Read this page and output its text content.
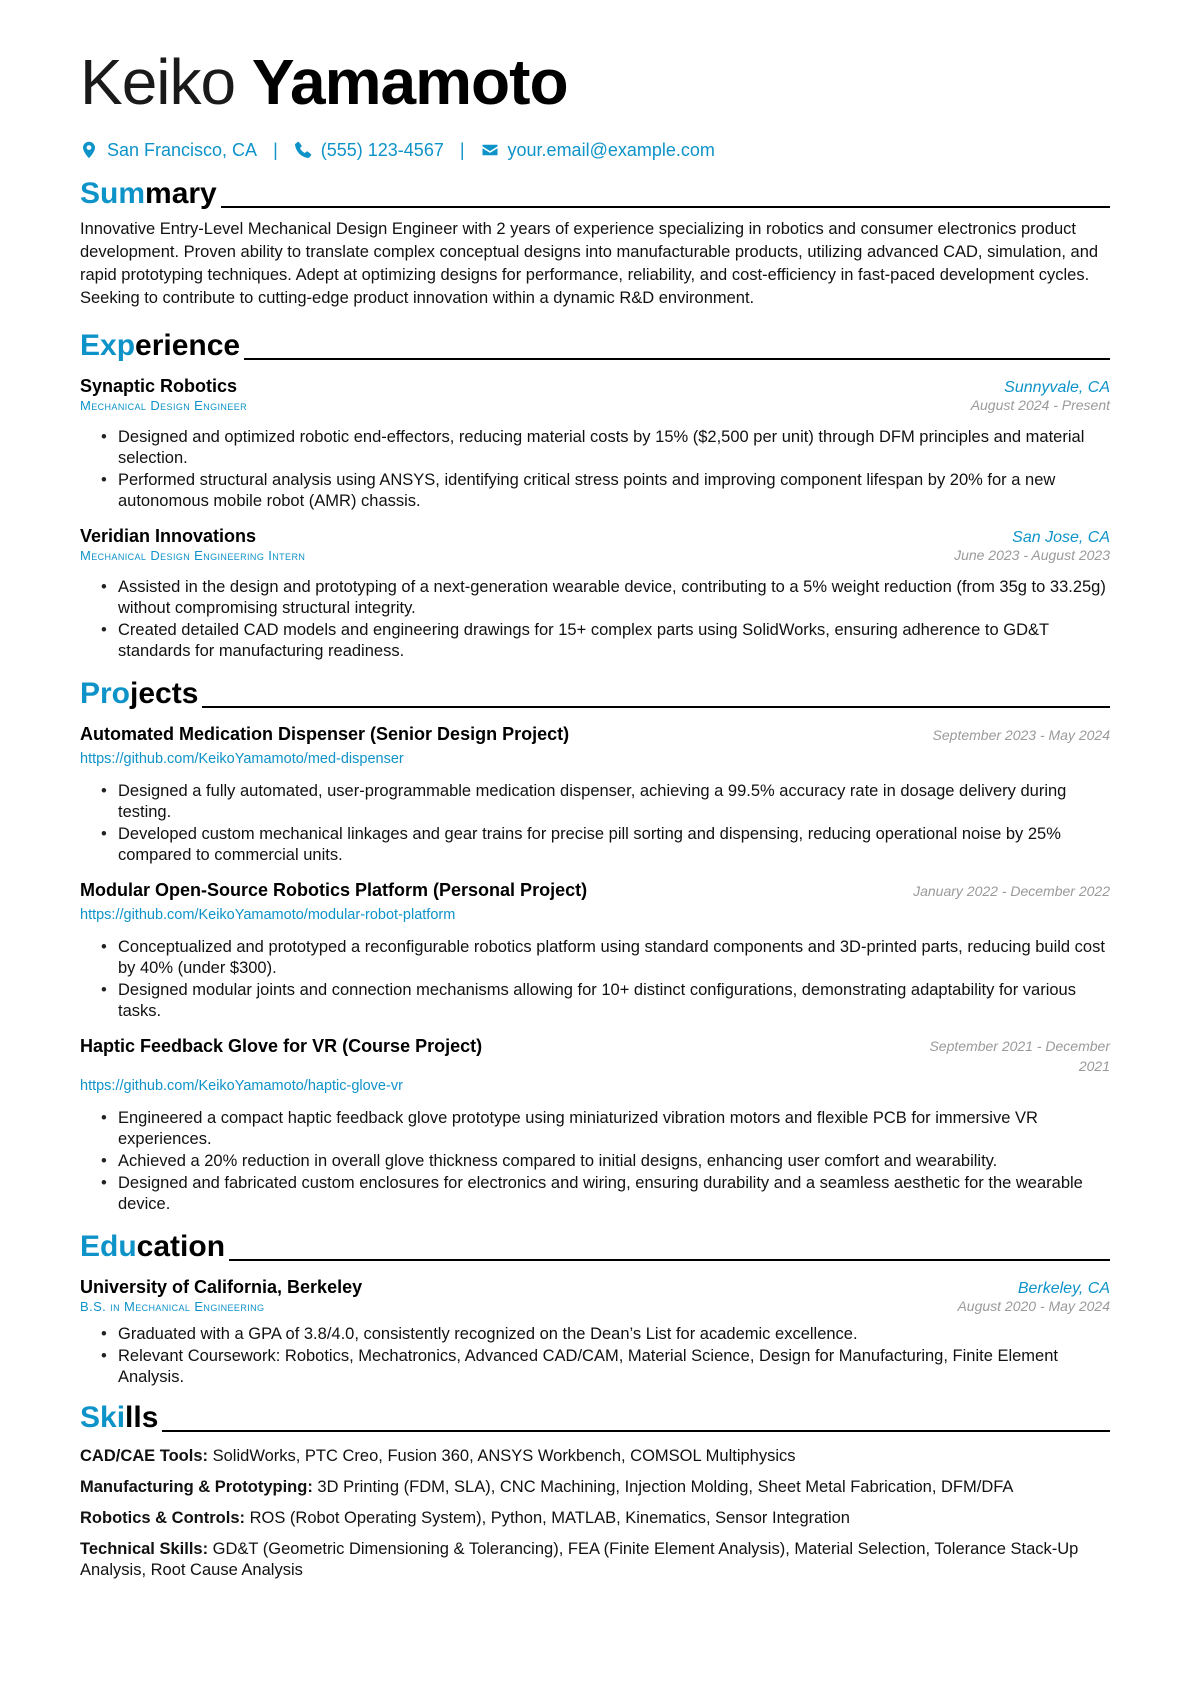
Keiko Yamamoto
San Francisco, CA | (555) 123-4567 | your.email@example.com
Summary
Innovative Entry-Level Mechanical Design Engineer with 2 years of experience specializing in robotics and consumer electronics product development. Proven ability to translate complex conceptual designs into manufacturable products, utilizing advanced CAD, simulation, and rapid prototyping techniques. Adept at optimizing designs for performance, reliability, and cost-efficiency in fast-paced development cycles. Seeking to contribute to cutting-edge product innovation within a dynamic R&D environment.
Experience
Synaptic Robotics	Sunnyvale, CA
Mechanical Design Engineer	August 2024 - Present
• Designed and optimized robotic end-effectors, reducing material costs by 15% ($2,500 per unit) through DFM principles and material selection.
• Performed structural analysis using ANSYS, identifying critical stress points and improving component lifespan by 20% for a new autonomous mobile robot (AMR) chassis.
Veridian Innovations	San Jose, CA
Mechanical Design Engineering Intern	June 2023 - August 2023
• Assisted in the design and prototyping of a next-generation wearable device, contributing to a 5% weight reduction (from 35g to 33.25g) without compromising structural integrity.
• Created detailed CAD models and engineering drawings for 15+ complex parts using SolidWorks, ensuring adherence to GD&T standards for manufacturing readiness.
Projects
Automated Medication Dispenser (Senior Design Project)	September 2023 - May 2024
https://github.com/KeikoYamamoto/med-dispenser
• Designed a fully automated, user-programmable medication dispenser, achieving a 99.5% accuracy rate in dosage delivery during testing.
• Developed custom mechanical linkages and gear trains for precise pill sorting and dispensing, reducing operational noise by 25% compared to commercial units.
Modular Open-Source Robotics Platform (Personal Project)	January 2022 - December 2022
https://github.com/KeikoYamamoto/modular-robot-platform
• Conceptualized and prototyped a reconfigurable robotics platform using standard components and 3D-printed parts, reducing build cost by 40% (under $300).
• Designed modular joints and connection mechanisms allowing for 10+ distinct configurations, demonstrating adaptability for various tasks.
Haptic Feedback Glove for VR (Course Project)	September 2021 - December 2021
https://github.com/KeikoYamamoto/haptic-glove-vr
• Engineered a compact haptic feedback glove prototype using miniaturized vibration motors and flexible PCB for immersive VR experiences.
• Achieved a 20% reduction in overall glove thickness compared to initial designs, enhancing user comfort and wearability.
• Designed and fabricated custom enclosures for electronics and wiring, ensuring durability and a seamless aesthetic for the wearable device.
Education
University of California, Berkeley	Berkeley, CA
B.S. in Mechanical Engineering	August 2020 - May 2024
• Graduated with a GPA of 3.8/4.0, consistently recognized on the Dean’s List for academic excellence.
• Relevant Coursework: Robotics, Mechatronics, Advanced CAD/CAM, Material Science, Design for Manufacturing, Finite Element Analysis.
Skills
CAD/CAE Tools: SolidWorks, PTC Creo, Fusion 360, ANSYS Workbench, COMSOL Multiphysics
Manufacturing & Prototyping: 3D Printing (FDM, SLA), CNC Machining, Injection Molding, Sheet Metal Fabrication, DFM/DFA
Robotics & Controls: ROS (Robot Operating System), Python, MATLAB, Kinematics, Sensor Integration
Technical Skills: GD&T (Geometric Dimensioning & Tolerancing), FEA (Finite Element Analysis), Material Selection, Tolerance Stack-Up Analysis, Root Cause Analysis
